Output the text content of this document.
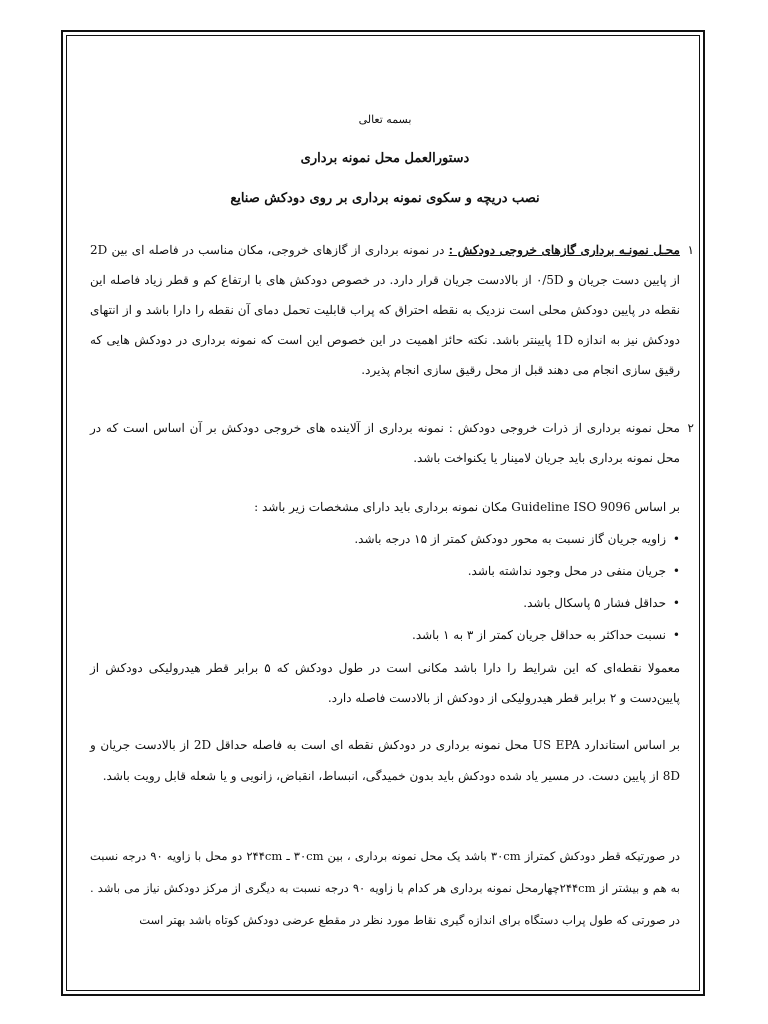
بسمه تعالی
دستورالعمل محل نمونه برداری
نصب دریچه و سکوی نمونه برداری بر روی دودکش صنایع
۱
محـل نمونـه برداری گازهای خروجی دودکش : در نمونه برداری از گازهای خروجی، مکان مناسب در فاصله ای بین 2D از پایین دست جریان و ۰/5D از بالادست جریان قرار دارد. در خصوص دودکش های با ارتفاع کم و قطر زیاد فاصله این نقطه در پایین دودکش محلی است نزدیک به نقطه احتراق که پراب قابلیت تحمل دمای آن نقطه را دارا باشد و از انتهای دودکش نیز به اندازه 1D پایینتر باشد. نکته حائز اهمیت در این خصوص این است که نمونه برداری در دودکش هایی که رقیق سازی انجام می دهند قبل از محل رقیق سازی انجام پذیرد.
۲
محل نمونه برداری از ذرات خروجی دودکش : نمونه برداری از آلاینده های خروجی دودکش بر آن اساس است که در محل نمونه برداری باید جریان لامینار یا یکنواخت باشد.
بر اساس Guideline ISO 9096 مکان نمونه برداری باید دارای مشخصات زیر باشد :
• زاویه جریان گاز نسبت به محور دودکش کمتر از ۱۵ درجه باشد.
• جریان منفی در محل وجود نداشته باشد.
• حداقل فشار ۵ پاسکال باشد.
• نسبت حداکثر به حداقل جریان کمتر از ۳ به ۱ باشد.
معمولا نقطه‌ای که این شرایط را دارا باشد مکانی است در طول دودکش که ۵ برابر قطر هیدرولیکی دودکش از پایین‌دست و ۲ برابر قطر هیدرولیکی از دودکش از بالادست فاصله دارد.
بر اساس استاندارد US EPA محل نمونه برداری در دودکش نقطه ای است به فاصله حداقل 2D از بالادست جریان و 8D از پایین دست. در مسیر یاد شده دودکش باید بدون خمیدگی، انبساط، انقباض، زانویی و یا شعله قابل رویت باشد.
در صورتیکه قطر دودکش کمتراز ۳۰cm باشد یک محل نمونه برداری ، بین ۳۰cm ـ ۲۴۴cm دو محل با زاویه ۹۰ درجه نسبت به هم و بیشتر از ۲۴۴cmچهارمحل نمونه برداری هر کدام با زاویه ۹۰ درجه نسبت به دیگری از مرکز دودکش نیاز می باشد . در صورتی که طول پراب دستگاه برای اندازه گیری نقاط مورد نظر در مقطع عرضی دودکش کوتاه باشد بهتر است
